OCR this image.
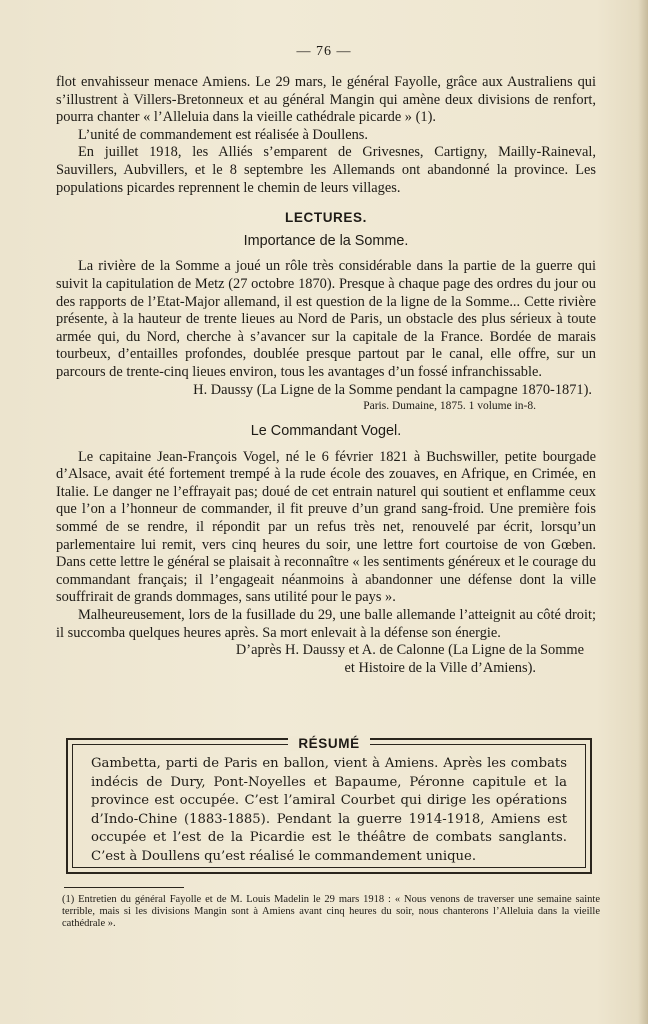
— 76 —

flot envahisseur menace Amiens. Le 29 mars, le général Fayolle, grâce aux Australiens qui s’illustrent à Villers-Bretonneux et au général Mangin qui amène deux divisions de renfort, pourra chanter « l’Alleluia dans la vieille cathédrale picarde » (1).

L’unité de commandement est réalisée à Doullens.

En juillet 1918, les Alliés s’emparent de Grivesnes, Cartigny, Mailly-Raineval, Sauvillers, Aubvillers, et le 8 septembre les Allemands ont abandonné la province. Les populations picardes reprennent le chemin de leurs villages.

LECTURES.
Importance de la Somme.

La rivière de la Somme a joué un rôle très considérable dans la partie de la guerre qui suivit la capitulation de Metz (27 octobre 1870). Presque à chaque page des ordres du jour ou des rapports de l’Etat-Major allemand, il est question de la ligne de la Somme... Cette rivière présente, à la hauteur de trente lieues au Nord de Paris, un obstacle des plus sérieux à toute armée qui, du Nord, cherche à s’avancer sur la capitale de la France. Bordée de marais tourbeux, d’entailles profondes, doublée presque partout par le canal, elle offre, sur un parcours de trente-cinq lieues environ, tous les avantages d’un fossé infranchissable.

H. Daussy (La Ligne de la Somme pendant la campagne 1870-1871).

Paris. Dumaine, 1875. 1 volume in-8.

Le Commandant Vogel.

Le capitaine Jean-François Vogel, né le 6 février 1821 à Buchswiller, petite bourgade d’Alsace, avait été fortement trempé à la rude école des zouaves, en Afrique, en Crimée, en Italie. Le danger ne l’effrayait pas; doué de cet entrain naturel qui soutient et enflamme ceux que l’on a l’honneur de commander, il fit preuve d’un grand sang-froid. Une première fois sommé de se rendre, il répondit par un refus très net, renouvelé par écrit, lorsqu’un parlementaire lui remit, vers cinq heures du soir, une lettre fort courtoise de von Gœben. Dans cette lettre le général se plaisait à reconnaître « les sentiments généreux et le courage du commandant français; il l’engageait néanmoins à abandonner une défense dont la ville souffrirait de grands dommages, sans utilité pour le pays ».

Malheureusement, lors de la fusillade du 29, une balle allemande l’atteignit au côté droit; il succomba quelques heures après. Sa mort enlevait à la défense son énergie.

D’après H. Daussy et A. de Calonne (La Ligne de la Somme

et Histoire de la Ville d’Amiens).

RÉSUMÉ
Gambetta, parti de Paris en ballon, vient à Amiens. Après les combats indécis de Dury, Pont-Noyelles et Bapaume, Péronne capitule et la province est occupée. C’est l’amiral Courbet qui dirige les opérations d’Indo-Chine (1883-1885). Pendant la guerre 1914-1918, Amiens est occupée et l’est de la Picardie est le théâtre de combats sanglants. C’est à Doullens qu’est réalisé le commandement unique.
(1) Entretien du général Fayolle et de M. Louis Madelin le 29 mars 1918 : « Nous venons de traverser une semaine sainte terrible, mais si les divisions Mangin sont à Amiens avant cinq heures du soir, nous chanterons l’Alleluia dans la vieille cathédrale ».
